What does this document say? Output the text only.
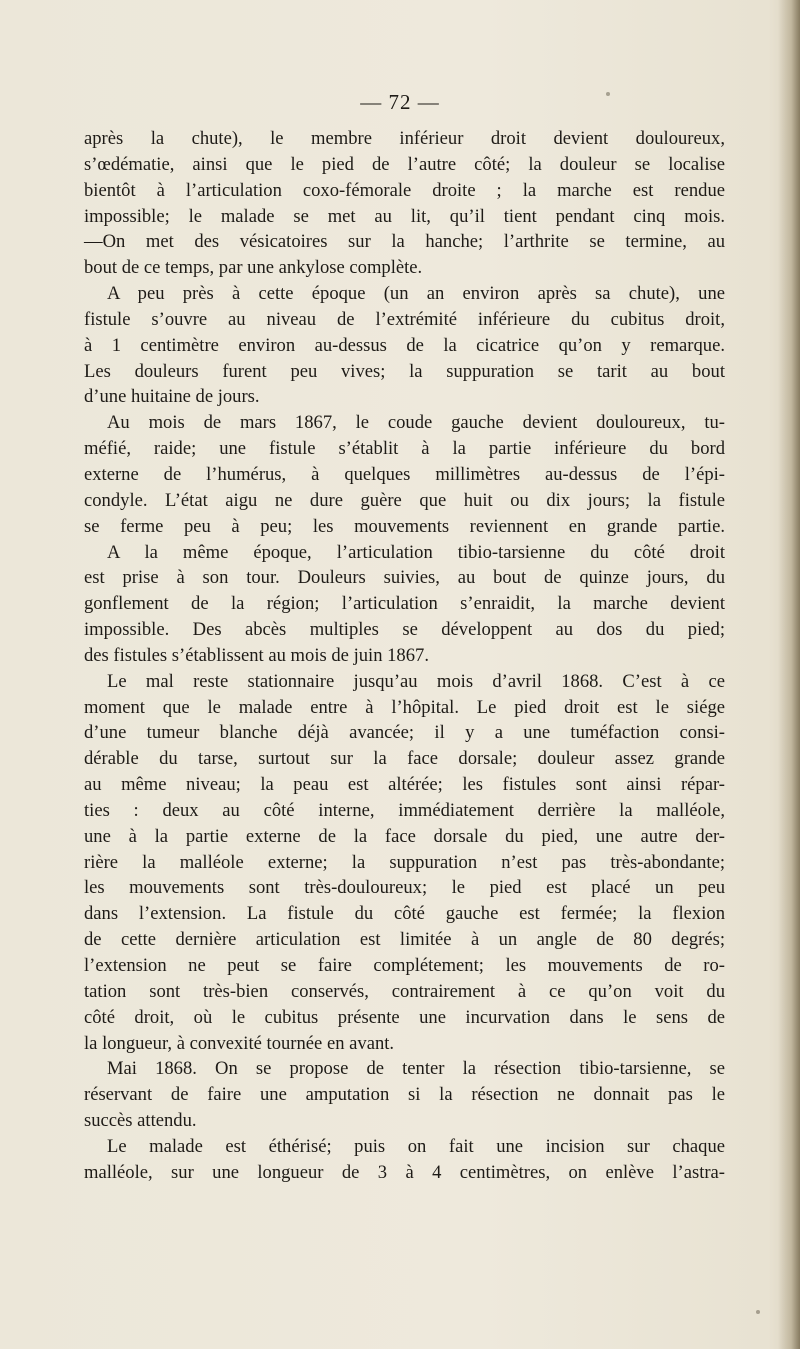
— 72 —
après la chute), le membre inférieur droit devient douloureux,
s’œdématie, ainsi que le pied de l’autre côté; la douleur se localise
bientôt à l’articulation coxo-fémorale droite ; la marche est rendue
impossible; le malade se met au lit, qu’il tient pendant cinq mois.
—On met des vésicatoires sur la hanche; l’arthrite se termine, au
bout de ce temps, par une ankylose complète.
A peu près à cette époque (un an environ après sa chute), une
fistule s’ouvre au niveau de l’extrémité inférieure du cubitus droit,
à 1 centimètre environ au-dessus de la cicatrice qu’on y remarque.
Les douleurs furent peu vives; la suppuration se tarit au bout
d’une huitaine de jours.
Au mois de mars 1867, le coude gauche devient douloureux, tu-
méfié, raide; une fistule s’établit à la partie inférieure du bord
externe de l’humérus, à quelques millimètres au-dessus de l’épi-
condyle. L’état aigu ne dure guère que huit ou dix jours; la fistule
se ferme peu à peu; les mouvements reviennent en grande partie.
A la même époque, l’articulation tibio-tarsienne du côté droit
est prise à son tour. Douleurs suivies, au bout de quinze jours, du
gonflement de la région; l’articulation s’enraidit, la marche devient
impossible. Des abcès multiples se développent au dos du pied;
des fistules s’établissent au mois de juin 1867.
Le mal reste stationnaire jusqu’au mois d’avril 1868. C’est à ce
moment que le malade entre à l’hôpital. Le pied droit est le siége
d’une tumeur blanche déjà avancée; il y a une tuméfaction consi-
dérable du tarse, surtout sur la face dorsale; douleur assez grande
au même niveau; la peau est altérée; les fistules sont ainsi répar-
ties : deux au côté interne, immédiatement derrière la malléole,
une à la partie externe de la face dorsale du pied, une autre der-
rière la malléole externe; la suppuration n’est pas très-abondante;
les mouvements sont très-douloureux; le pied est placé un peu
dans l’extension. La fistule du côté gauche est fermée; la flexion
de cette dernière articulation est limitée à un angle de 80 degrés;
l’extension ne peut se faire complétement; les mouvements de ro-
tation sont très-bien conservés, contrairement à ce qu’on voit du
côté droit, où le cubitus présente une incurvation dans le sens de
la longueur, à convexité tournée en avant.
Mai 1868. On se propose de tenter la résection tibio-tarsienne, se
réservant de faire une amputation si la résection ne donnait pas le
succès attendu.
Le malade est éthérisé; puis on fait une incision sur chaque
malléole, sur une longueur de 3 à 4 centimètres, on enlève l’astra-
